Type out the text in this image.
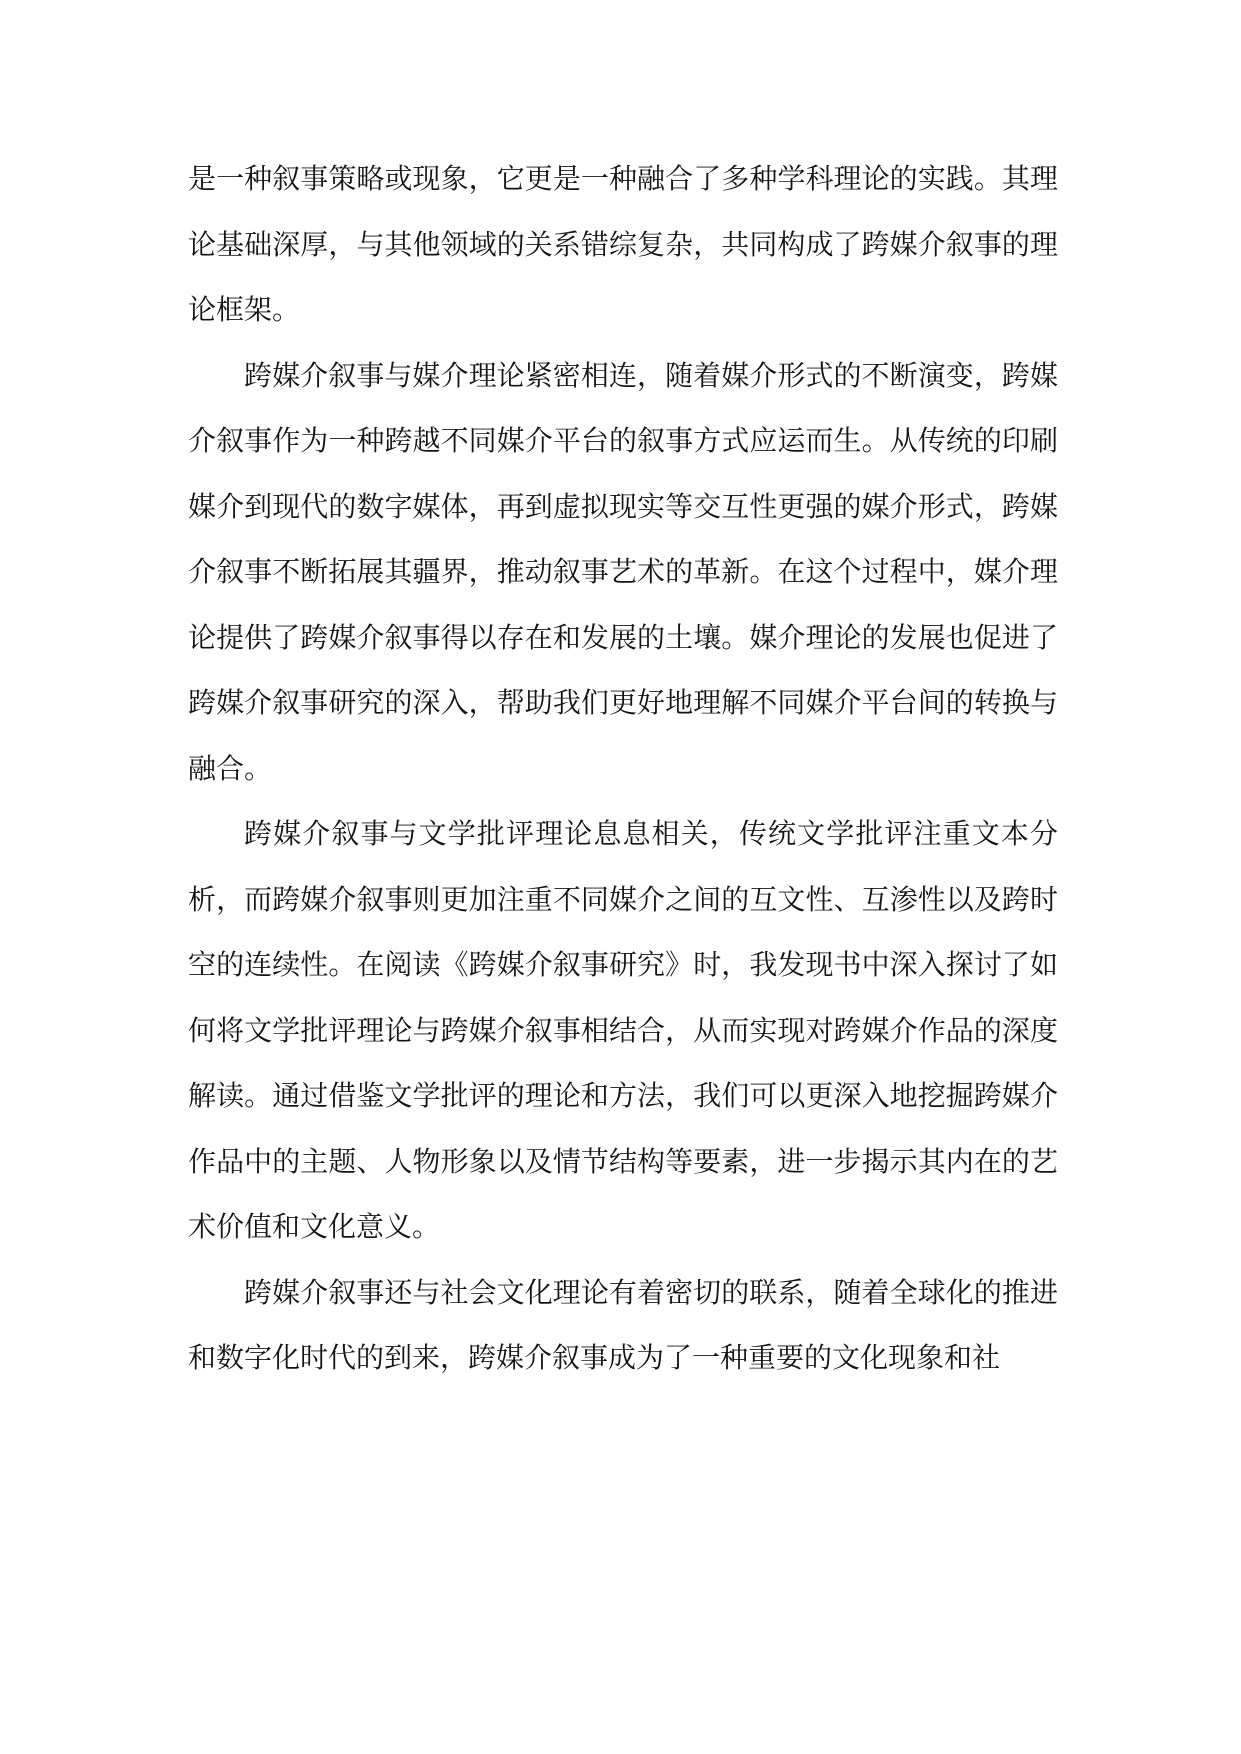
是一种叙事策略或现象，它更是一种融合了多种学科理论的实践。其理论基础深厚，与其他领域的关系错综复杂，共同构成了跨媒介叙事的理论框架。

跨媒介叙事与媒介理论紧密相连，随着媒介形式的不断演变，跨媒介叙事作为一种跨越不同媒介平台的叙事方式应运而生。从传统的印刷媒介到现代的数字媒体，再到虚拟现实等交互性更强的媒介形式，跨媒介叙事不断拓展其疆界，推动叙事艺术的革新。在这个过程中，媒介理论提供了跨媒介叙事得以存在和发展的土壤。媒介理论的发展也促进了跨媒介叙事研究的深入，帮助我们更好地理解不同媒介平台间的转换与融合。

跨媒介叙事与文学批评理论息息相关，传统文学批评注重文本分析，而跨媒介叙事则更加注重不同媒介之间的互文性、互渗性以及跨时空的连续性。在阅读《跨媒介叙事研究》时，我发现书中深入探讨了如何将文学批评理论与跨媒介叙事相结合，从而实现对跨媒介作品的深度解读。通过借鉴文学批评的理论和方法，我们可以更深入地挖掘跨媒介作品中的主题、人物形象以及情节结构等要素，进一步揭示其内在的艺术价值和文化意义。

跨媒介叙事还与社会文化理论有着密切的联系，随着全球化的推进和数字化时代的到来，跨媒介叙事成为了一种重要的文化现象和社
